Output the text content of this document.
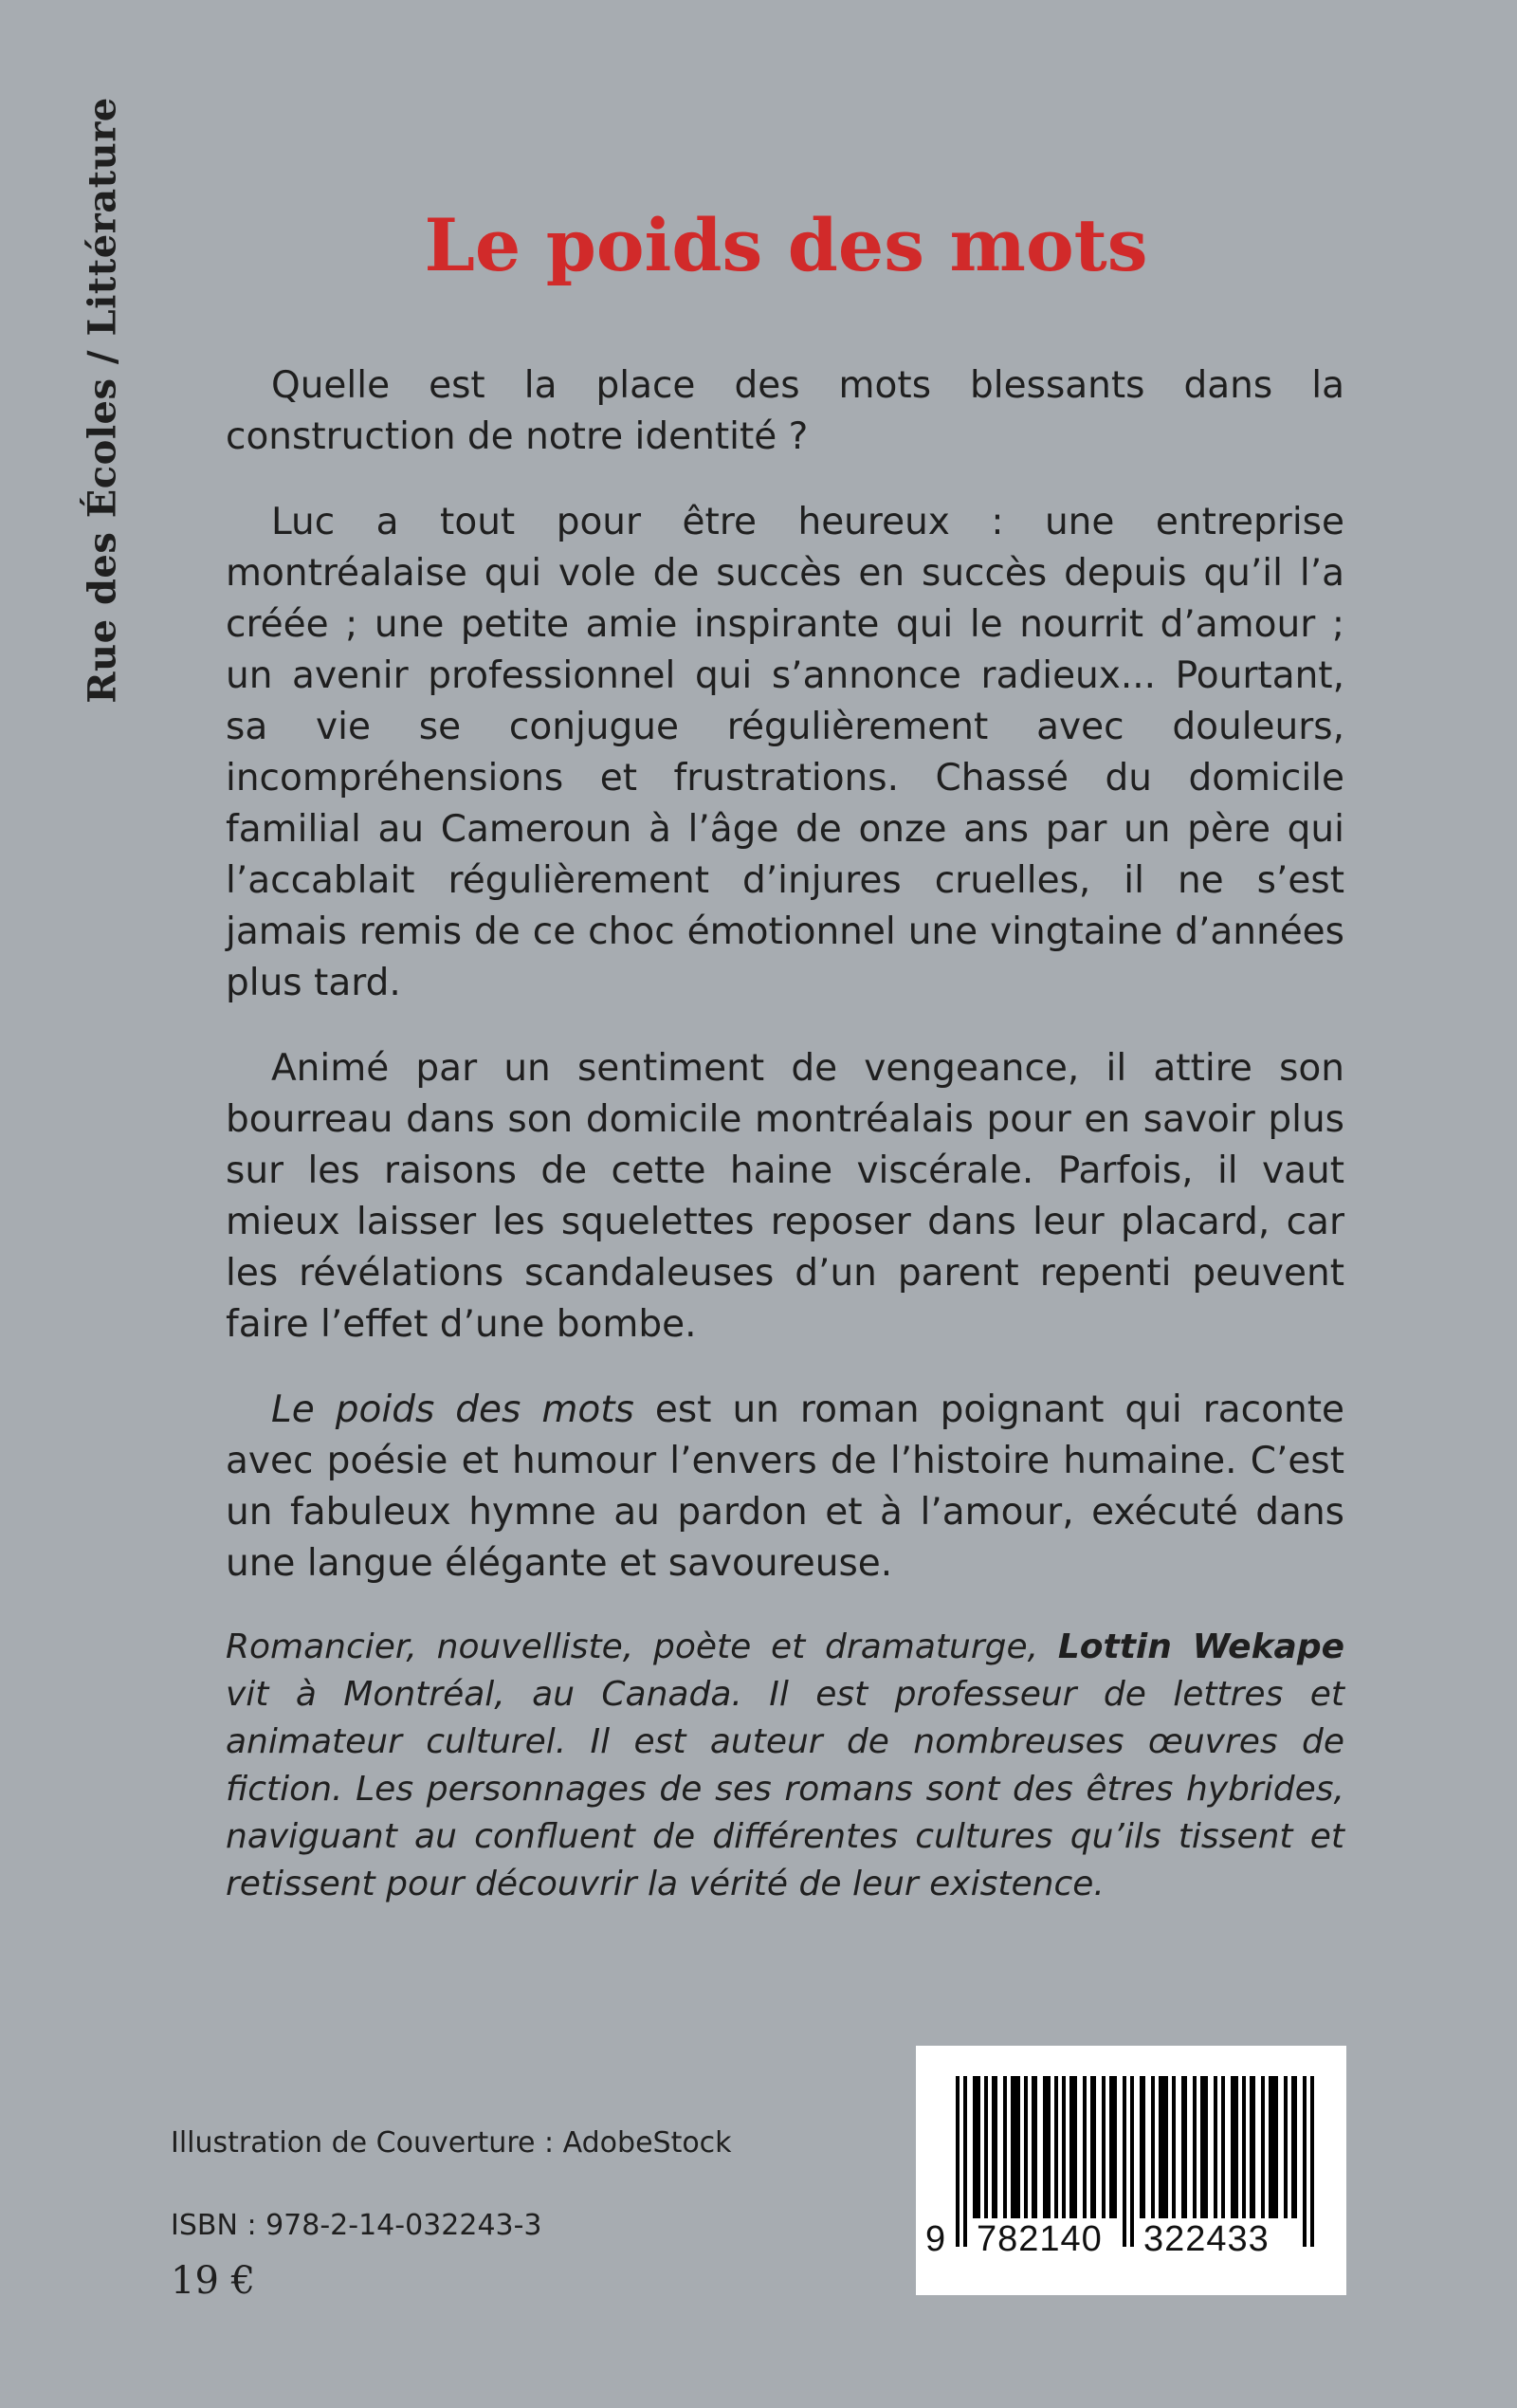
Rue des Écoles / Littérature	Le poids des mots

Quelle est la place des mots blessants dans la construction de notre identité ?

Luc a tout pour être heureux : une entreprise montréalaise qui vole de succès en succès depuis qu’il l’a créée ; une petite amie inspirante qui le nourrit d’amour ; un avenir professionnel qui s’annonce radieux... Pourtant, sa vie se conjugue régulièrement avec douleurs, incompréhensions et frustrations. Chassé du domicile familial au Cameroun à l’âge de onze ans par un père qui l’accablait régulièrement d’injures cruelles, il ne s’est jamais remis de ce choc émotionnel une vingtaine d’années plus tard.

Animé par un sentiment de vengeance, il attire son bourreau dans son domicile montréalais pour en savoir plus sur les raisons de cette haine viscérale. Parfois, il vaut mieux laisser les squelettes reposer dans leur placard, car les révélations scandaleuses d’un parent repenti peuvent faire l’effet d’une bombe.

Le poids des mots est un roman poignant qui raconte avec poésie et humour l’envers de l’histoire humaine. C’est un fabuleux hymne au pardon et à l’amour, exécuté dans une langue élégante et savoureuse.

Romancier, nouvelliste, poète et dramaturge, Lottin Wekape vit à Montréal, au Canada. Il est professeur de lettres et animateur culturel. Il est auteur de nombreuses œuvres de fiction. Les personnages de ses romans sont des êtres hybrides, naviguant au confluent de différentes cultures qu’ils tissent et retissent pour découvrir la vérité de leur existence.

Illustration de Couverture : AdobeStock
ISBN : 978-2-14-032243-3
19 €
9 782140 322433
